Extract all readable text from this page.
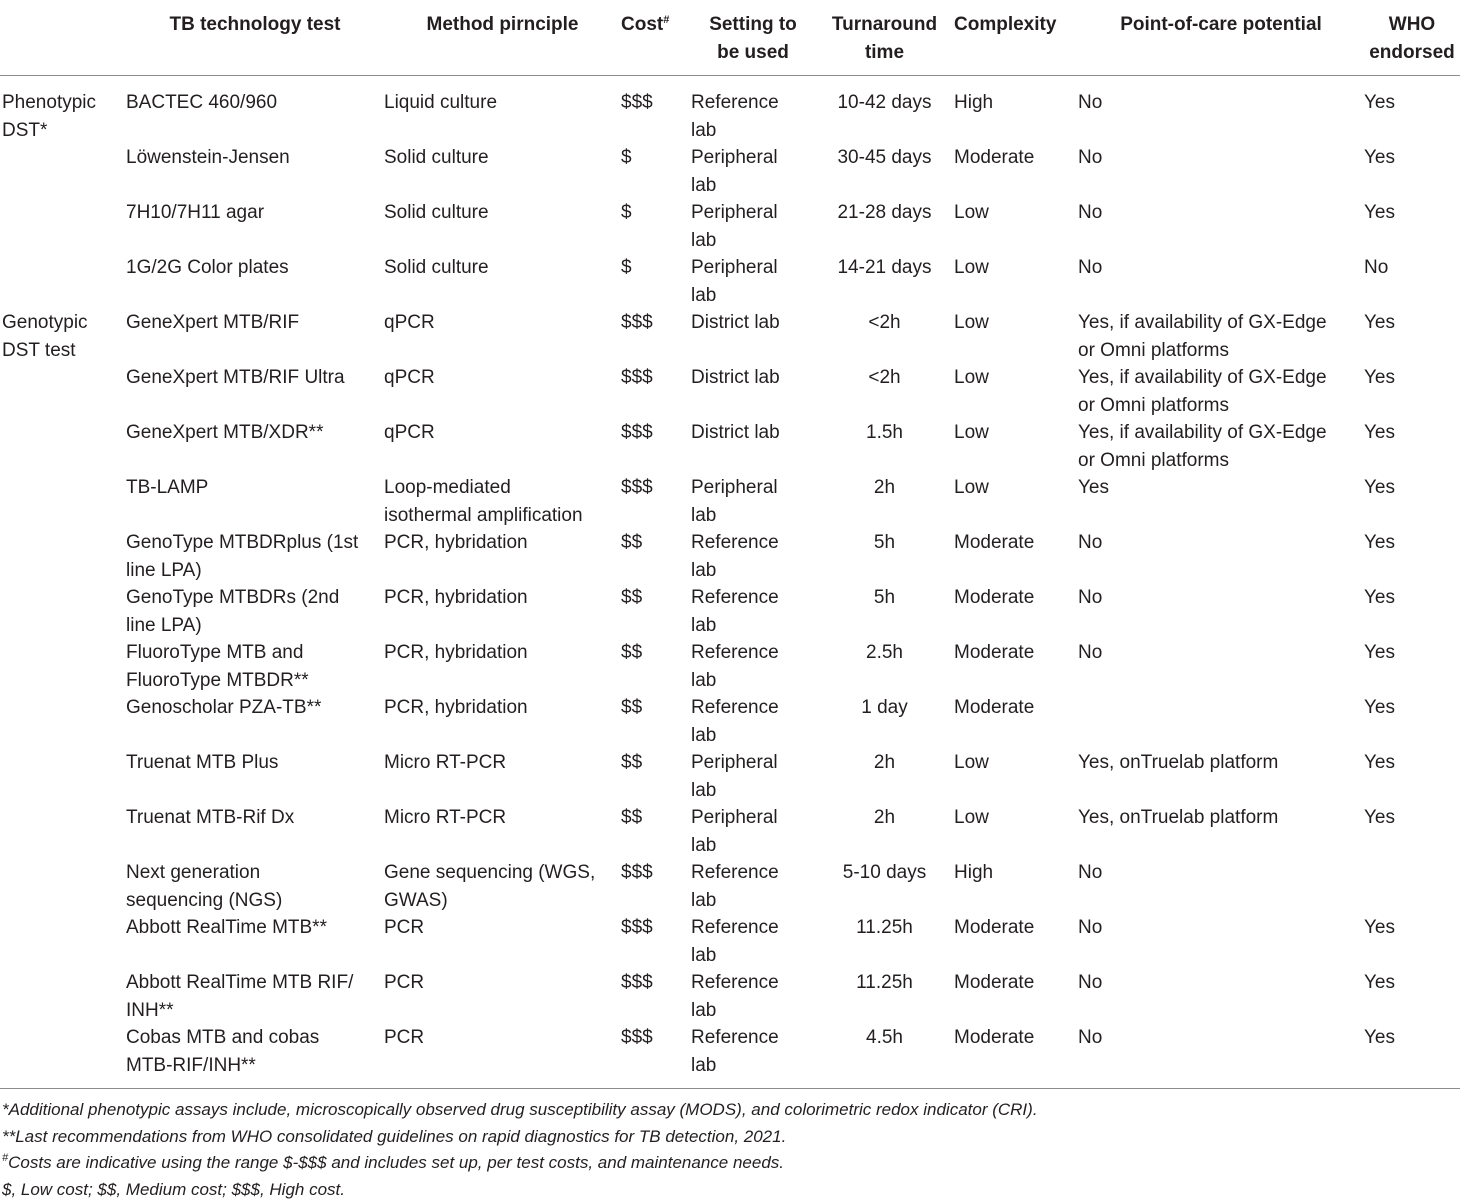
	TB technology test	Method pirnciple	Cost#	Setting to
be used	Turnaround
time	Complexity	Point-of-care potential	WHO
endorsed
Phenotypic
DST*	BACTEC 460/960	Liquid culture	$$$	Reference
lab	10-42 days	High	No	Yes

	Löwenstein-Jensen	Solid culture	$	Peripheral
lab	30-45 days	Moderate	No	Yes

	7H10/7H11 agar	Solid culture	$	Peripheral
lab	21-28 days	Low	No	Yes

	1G/2G Color plates	Solid culture	$	Peripheral
lab	14-21 days	Low	No	No
Genotypic
DST test	GeneXpert MTB/RIF	qPCR	$$$	District lab	<2h	Low	Yes, if availability of GX-Edge
or Omni platforms	Yes

	GeneXpert MTB/RIF Ultra	qPCR	$$$	District lab	<2h	Low	Yes, if availability of GX-Edge
or Omni platforms	Yes

	GeneXpert MTB/XDR**	qPCR	$$$	District lab	1.5h	Low	Yes, if availability of GX-Edge
or Omni platforms	Yes

	TB-LAMP	Loop-mediated
isothermal amplification	$$$	Peripheral
lab	2h	Low	Yes	Yes

	GenoType MTBDRplus (1st
line LPA)	PCR, hybridation	$$	Reference
lab	5h	Moderate	No	Yes

	GenoType MTBDRs (2nd
line LPA)	PCR, hybridation	$$	Reference
lab	5h	Moderate	No	Yes

	FluoroType MTB and
FluoroType MTBDR**	PCR, hybridation	$$	Reference
lab	2.5h	Moderate	No	Yes

	Genoscholar PZA-TB**	PCR, hybridation	$$	Reference
lab	1 day	Moderate		Yes

	Truenat MTB Plus	Micro RT-PCR	$$	Peripheral
lab	2h	Low	Yes, onTruelab platform	Yes

	Truenat MTB-Rif Dx	Micro RT-PCR	$$	Peripheral
lab	2h	Low	Yes, onTruelab platform	Yes

	Next generation
sequencing (NGS)	Gene sequencing (WGS,
GWAS)	$$$	Reference
lab	5-10 days	High	No

	Abbott RealTime MTB**	PCR	$$$	Reference
lab	11.25h	Moderate	No	Yes

	Abbott RealTime MTB RIF/
INH**	PCR	$$$	Reference
lab	11.25h	Moderate	No	Yes

	Cobas MTB and cobas
MTB-RIF/INH**	PCR	$$$	Reference
lab	4.5h	Moderate	No	Yes
*Additional phenotypic assays include, microscopically observed drug susceptibility assay (MODS), and colorimetric redox indicator (CRI).
**Last recommendations from WHO consolidated guidelines on rapid diagnostics for TB detection, 2021.
#Costs are indicative using the range $-$$$ and includes set up, per test costs, and maintenance needs.
$, Low cost; $$, Medium cost; $$$, High cost.
